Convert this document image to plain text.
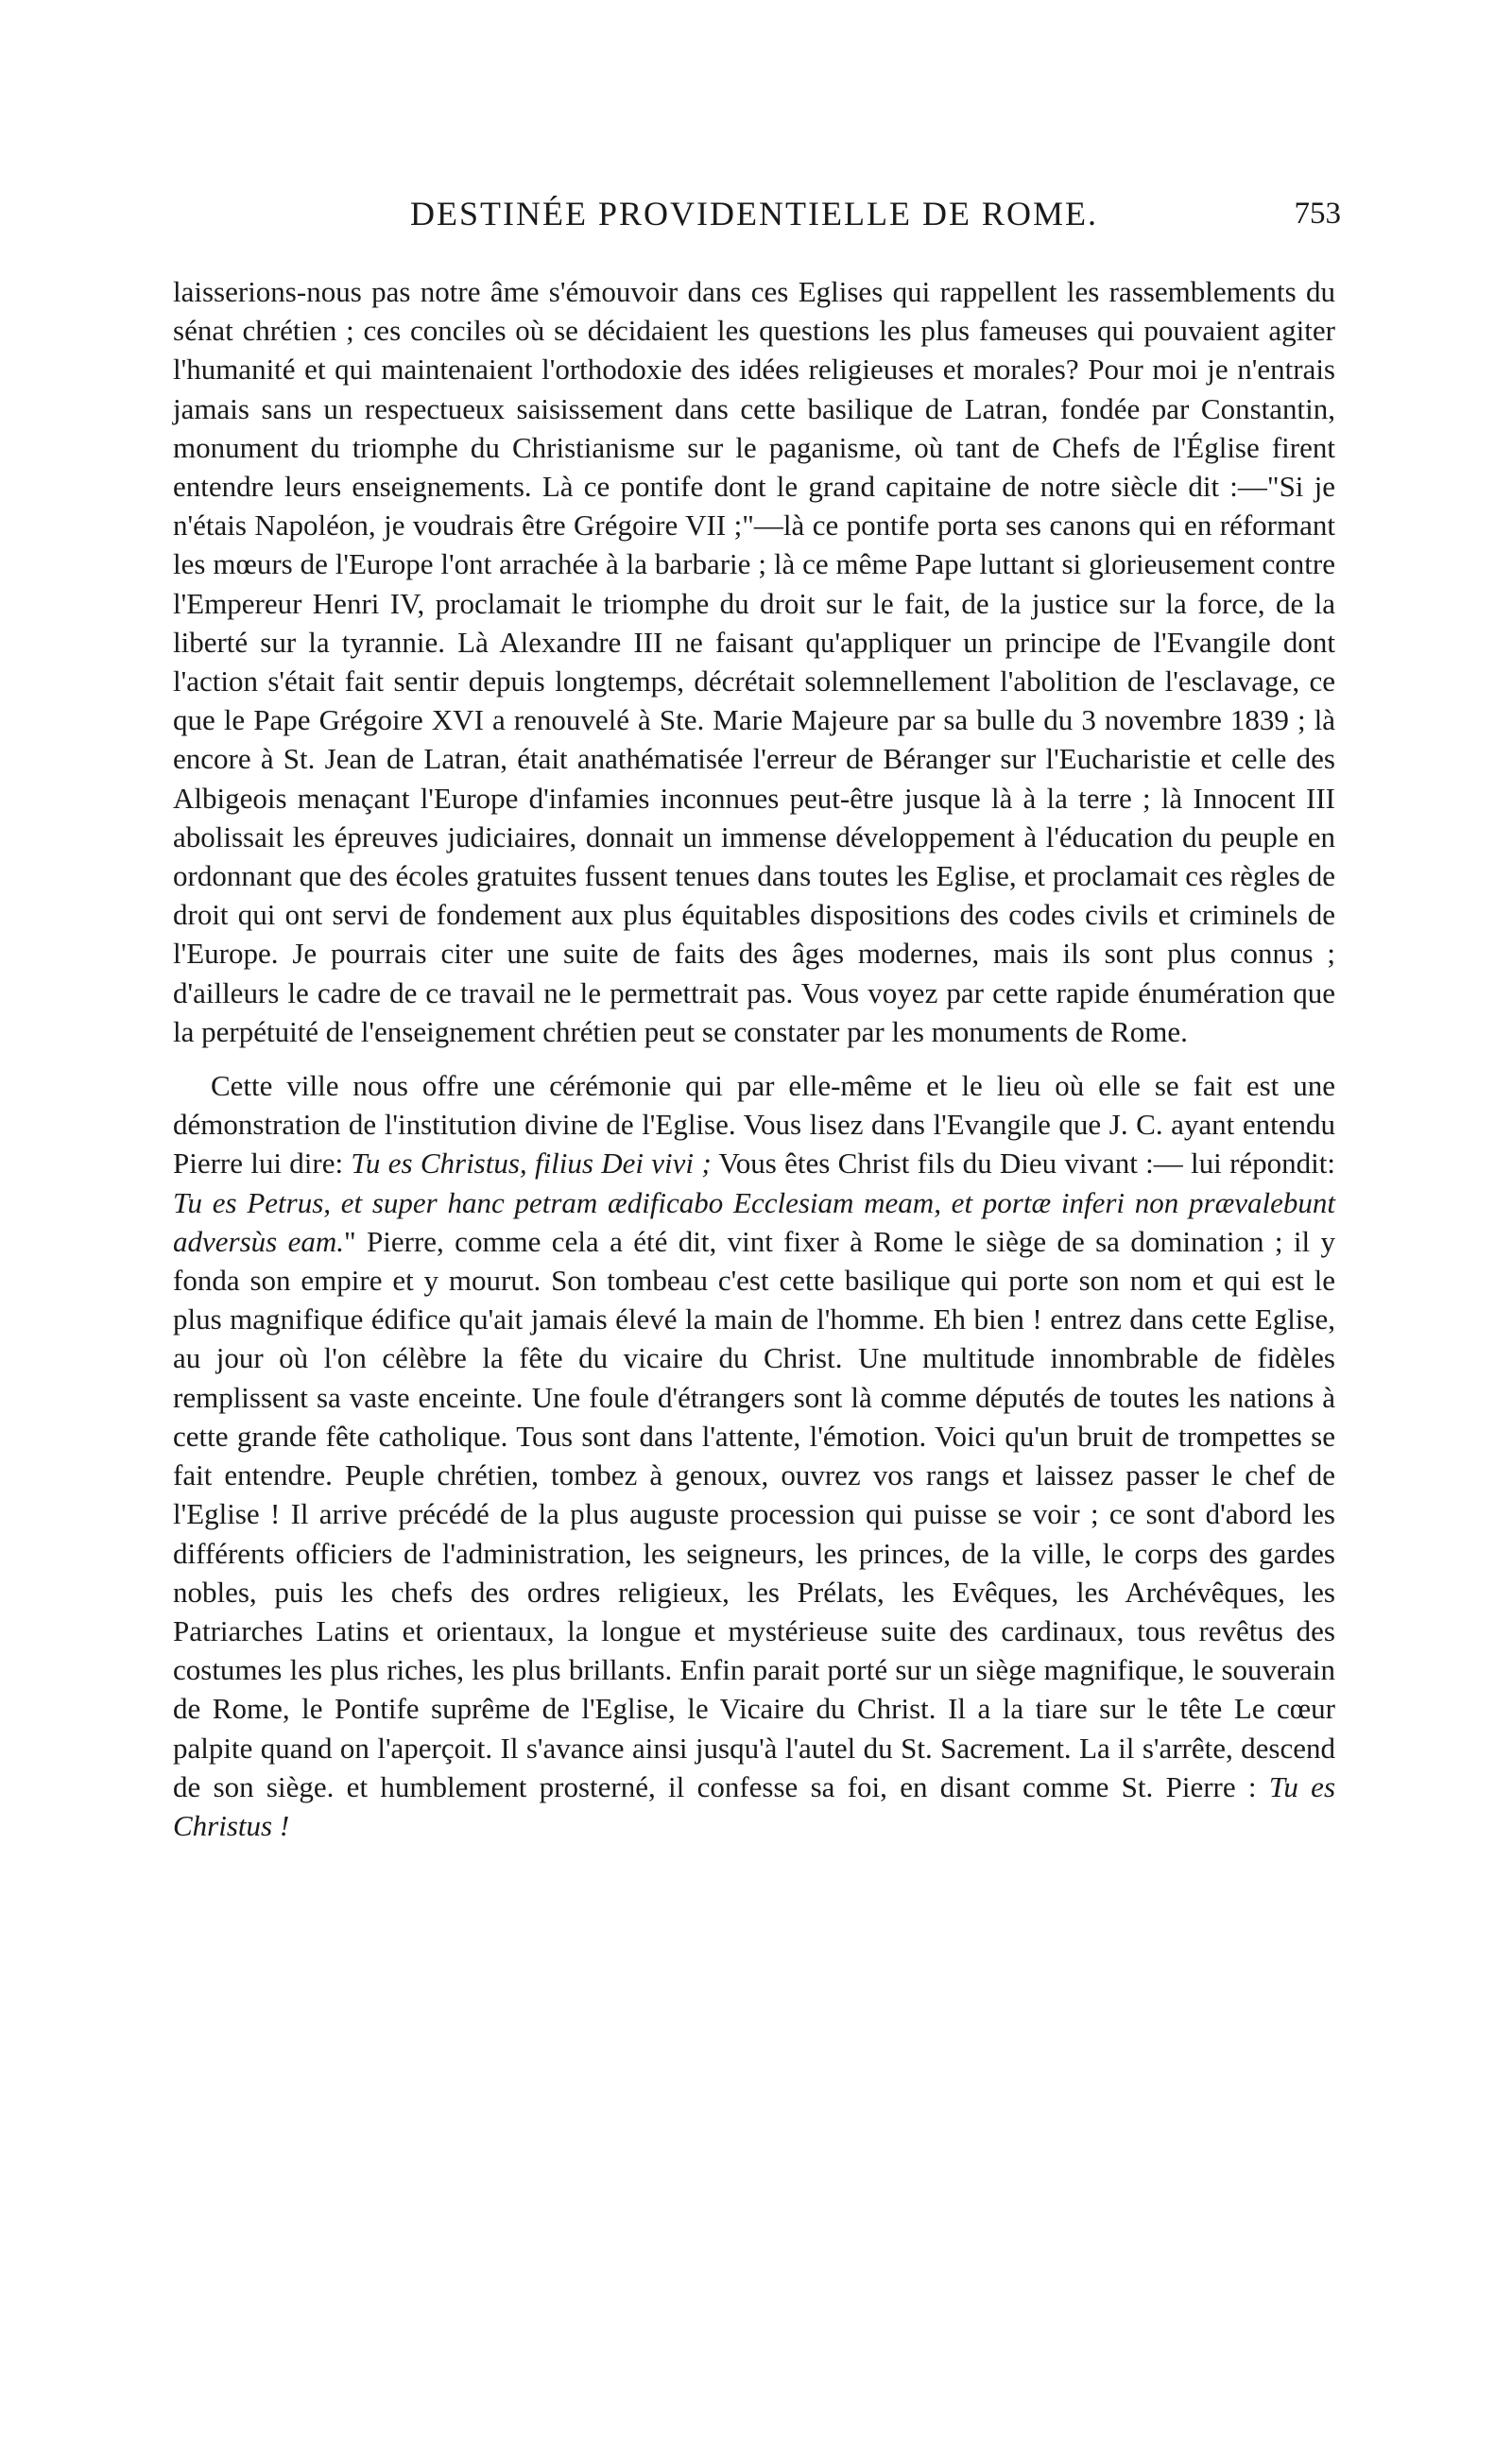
DESTINÉE PROVIDENTIELLE DE ROME.	753

laisserions-nous pas notre âme s'émouvoir dans ces Eglises qui rappellent les rassemblements du sénat chrétien ; ces conciles où se décidaient les questions les plus fameuses qui pouvaient agiter l'humanité et qui maintenaient l'orthodoxie des idées religieuses et morales? Pour moi je n'entrais jamais sans un respectueux saisissement dans cette basilique de Latran, fondée par Constantin, monument du triomphe du Christianisme sur le paganisme, où tant de Chefs de l'Église firent entendre leurs enseignements. Là ce pontife dont le grand capitaine de notre siècle dit :—"Si je n'étais Napoléon, je voudrais être Grégoire VII ;"—là ce pontife porta ses canons qui en réformant les mœurs de l'Europe l'ont arrachée à la barbarie ; là ce même Pape luttant si glorieusement contre l'Empereur Henri IV, proclamait le triomphe du droit sur le fait, de la justice sur la force, de la liberté sur la tyrannie. Là Alexandre III ne faisant qu'appliquer un principe de l'Evangile dont l'action s'était fait sentir depuis longtemps, décrétait solemnellement l'abolition de l'esclavage, ce que le Pape Grégoire XVI a renouvelé à Ste. Marie Majeure par sa bulle du 3 novembre 1839 ; là encore à St. Jean de Latran, était anathématisée l'erreur de Béranger sur l'Eucharistie et celle des Albigeois menaçant l'Europe d'infamies inconnues peut-être jusque là à la terre ; là Innocent III abolissait les épreuves judiciaires, donnait un immense développement à l'éducation du peuple en ordonnant que des écoles gratuites fussent tenues dans toutes les Eglise, et proclamait ces règles de droit qui ont servi de fondement aux plus équitables dispositions des codes civils et criminels de l'Europe. Je pourrais citer une suite de faits des âges modernes, mais ils sont plus connus ; d'ailleurs le cadre de ce travail ne le permettrait pas. Vous voyez par cette rapide énumération que la perpétuité de l'enseignement chrétien peut se constater par les monuments de Rome.

Cette ville nous offre une cérémonie qui par elle-même et le lieu où elle se fait est une démonstration de l'institution divine de l'Eglise. Vous lisez dans l'Evangile que J. C. ayant entendu Pierre lui dire: Tu es Christus, filius Dei vivi ; Vous êtes Christ fils du Dieu vivant :— lui répondit: Tu es Petrus, et super hanc petram ædificabo Ecclesiam meam, et portæ inferi non prævalebunt adversùs eam." Pierre, comme cela a été dit, vint fixer à Rome le siège de sa domination ; il y fonda son empire et y mourut. Son tombeau c'est cette basilique qui porte son nom et qui est le plus magnifique édifice qu'ait jamais élevé la main de l'homme. Eh bien ! entrez dans cette Eglise, au jour où l'on célèbre la fête du vicaire du Christ. Une multitude innombrable de fidèles remplissent sa vaste enceinte. Une foule d'étrangers sont là comme députés de toutes les nations à cette grande fête catholique. Tous sont dans l'attente, l'émotion. Voici qu'un bruit de trompettes se fait entendre. Peuple chrétien, tombez à genoux, ouvrez vos rangs et laissez passer le chef de l'Eglise ! Il arrive précédé de la plus auguste procession qui puisse se voir ; ce sont d'abord les différents officiers de l'administration, les seigneurs, les princes, de la ville, le corps des gardes nobles, puis les chefs des ordres religieux, les Prélats, les Evêques, les Archévêques, les Patriarches Latins et orientaux, la longue et mystérieuse suite des cardinaux, tous revêtus des costumes les plus riches, les plus brillants. Enfin parait porté sur un siège magnifique, le souverain de Rome, le Pontife suprême de l'Eglise, le Vicaire du Christ. Il a la tiare sur le tête Le cœur palpite quand on l'aperçoit. Il s'avance ainsi jusqu'à l'autel du St. Sacrement. La il s'arrête, descend de son siège. et humblement prosterné, il confesse sa foi, en disant comme St. Pierre : Tu es Christus !
